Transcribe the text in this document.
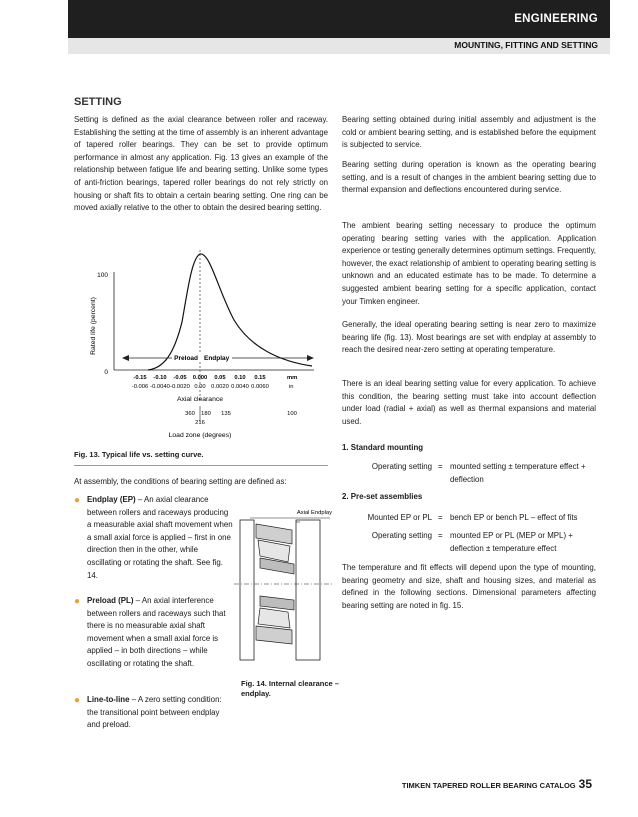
ENGINEERING
MOUNTING, FITTING AND SETTING
SETTING

Setting is defined as the axial clearance between roller and raceway. Establishing the setting at the time of assembly is an inherent advantage of tapered roller bearings. They can be set to provide optimum performance in almost any application. Fig. 13 gives an example of the relationship between fatigue life and bearing setting. Unlike some types of anti-friction bearings, tapered roller bearings do not rely strictly on housing or shaft fits to obtain a certain bearing setting. One ring can be moved axially relative to the other to obtain the desired bearing setting.

Bearing setting obtained during initial assembly and adjustment is the cold or ambient bearing setting, and is established before the equipment is subjected to service.

Bearing setting during operation is known as the operating bearing setting, and is a result of changes in the ambient bearing setting due to thermal expansion and deflections encountered during service.

The ambient bearing setting necessary to produce the optimum operating bearing setting varies with the application. Application experience or testing generally determines optimum settings. Frequently, however, the exact relationship of ambient to operating bearing setting is unknown and an educated estimate has to be made. To determine a suggested ambient bearing setting for a specific application, contact your Timken engineer.

Generally, the ideal operating bearing setting is near zero to maximize bearing life (fig. 13). Most bearings are set with endplay at assembly to reach the desired near-zero setting at operating temperature.

There is an ideal bearing setting value for every application. To achieve this condition, the bearing setting must take into account deflection under load (radial + axial) as well as thermal expansions and material used.

Rated life (percent)
100
0
Preload Endplay
-0.15 -0.10 -0.05 0.000 0.05 0.10 0.15
-0.006 -0.0040 -0.0020 0.00 0.0020 0.0040 0.0060
mm
in
Axial clearance
360 180 135	100
216
Load zone (degrees)
Fig. 13. Typical life vs. setting curve.
At assembly, the conditions of bearing setting are defined as:
● Endplay (EP) – An axial clearance between rollers and raceways producing a measurable axial shaft movement when a small axial force is applied – first in one direction then in the other, while oscillating or rotating the shaft. See fig. 14.
● Preload (PL) – An axial interference between rollers and raceways such that there is no measurable axial shaft movement when a small axial force is applied – in both directions – while oscillating or rotating the shaft.
● Line-to-line – A zero setting condition: the transitional point between endplay and preload.
Axial Endplay
Fig. 14. Internal clearance – endplay.
1. Standard mounting
Operating setting = mounted setting ± temperature effect + deflection
2. Pre-set assemblies
Mounted EP or PL = bench EP or bench PL – effect of fits
Operating setting = mounted EP or PL (MEP or MPL) + deflection ± temperature effect

The temperature and fit effects will depend upon the type of mounting, bearing geometry and size, shaft and housing sizes, and material as defined in the following sections. Dimensional parameters affecting bearing setting are noted in fig. 15.

TIMKEN TAPERED ROLLER BEARING CATALOG 35
